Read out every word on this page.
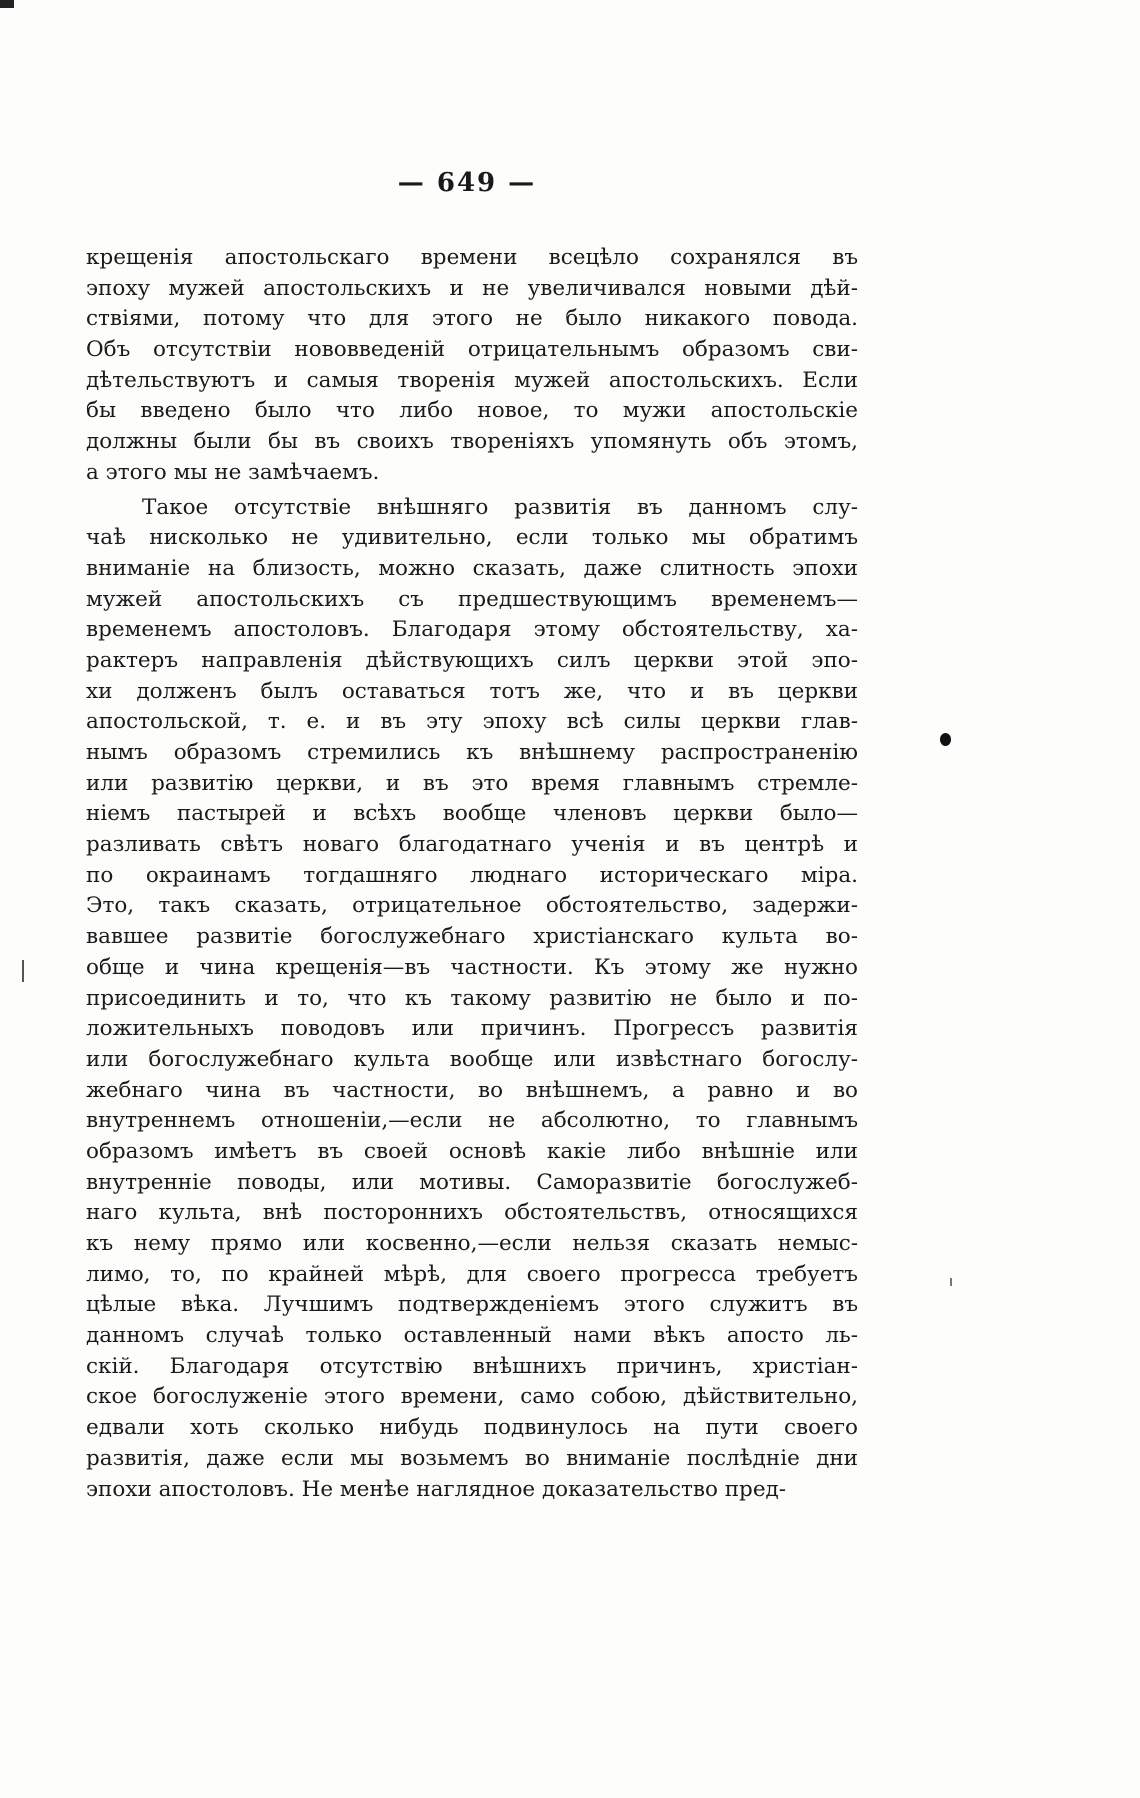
— 649 —
крещенія апостольскаго времени всецѣло сохранялся въ
эпоху мужей апостольскихъ и не увеличивался новыми дѣй-
ствіями, потому что для этого не было никакого повода.
Объ отсутствіи нововведеній отрицательнымъ образомъ сви-
дѣтельствуютъ и самыя творенія мужей апостольскихъ. Если
бы введено было что либо новое, то мужи апостольскіе
должны были бы въ своихъ твореніяхъ упомянуть объ этомъ,
а этого мы не замѣчаемъ.
Такое отсутствіе внѣшняго развитія въ данномъ слу-
чаѣ нисколько не удивительно, если только мы обратимъ
вниманіе на близость, можно сказать, даже слитность эпохи
мужей апостольскихъ съ предшествующимъ временемъ—
временемъ апостоловъ. Благодаря этому обстоятельству, ха-
рактеръ направленія дѣйствующихъ силъ церкви этой эпо-
хи долженъ былъ оставаться тотъ же, что и въ церкви
апостольской, т. е. и въ эту эпоху всѣ силы церкви глав-
нымъ образомъ стремились къ внѣшнему распространенію
или развитію церкви, и въ это время главнымъ стремле-
ніемъ пастырей и всѣхъ вообще членовъ церкви было—
разливать свѣтъ новаго благодатнаго ученія и въ центрѣ и
по окраинамъ тогдашняго люднаго историческаго міра.
Это, такъ сказать, отрицательное обстоятельство, задержи-
вавшее развитіе богослужебнаго христіанскаго культа во-
обще и чина крещенія—въ частности. Къ этому же нужно
присоединить и то, что къ такому развитію не было и по-
ложительныхъ поводовъ или причинъ. Прогрессъ развитія
или богослужебнаго культа вообще или извѣстнаго богослу-
жебнаго чина въ частности, во внѣшнемъ, а равно и во
внутреннемъ отношеніи,—если не абсолютно, то главнымъ
образомъ имѣетъ въ своей основѣ какіе либо внѣшніе или
внутренніе поводы, или мотивы. Саморазвитіе богослужеб-
наго культа, внѣ постороннихъ обстоятельствъ, относящихся
къ нему прямо или косвенно,—если нельзя сказать немыс-
лимо, то, по крайней мѣрѣ, для своего прогресса требуетъ
цѣлые вѣка. Лучшимъ подтвержденіемъ этого служитъ въ
данномъ случаѣ только оставленный нами вѣкъ апосто ль-
скій. Благодаря отсутствію внѣшнихъ причинъ, христіан-
ское богослуженіе этого времени, само собою, дѣйствительно,
едвали хоть сколько нибудь подвинулось на пути своего
развитія, даже если мы возьмемъ во вниманіе послѣдніе дни
эпохи апостоловъ. Не менѣе наглядное доказательство пред-
